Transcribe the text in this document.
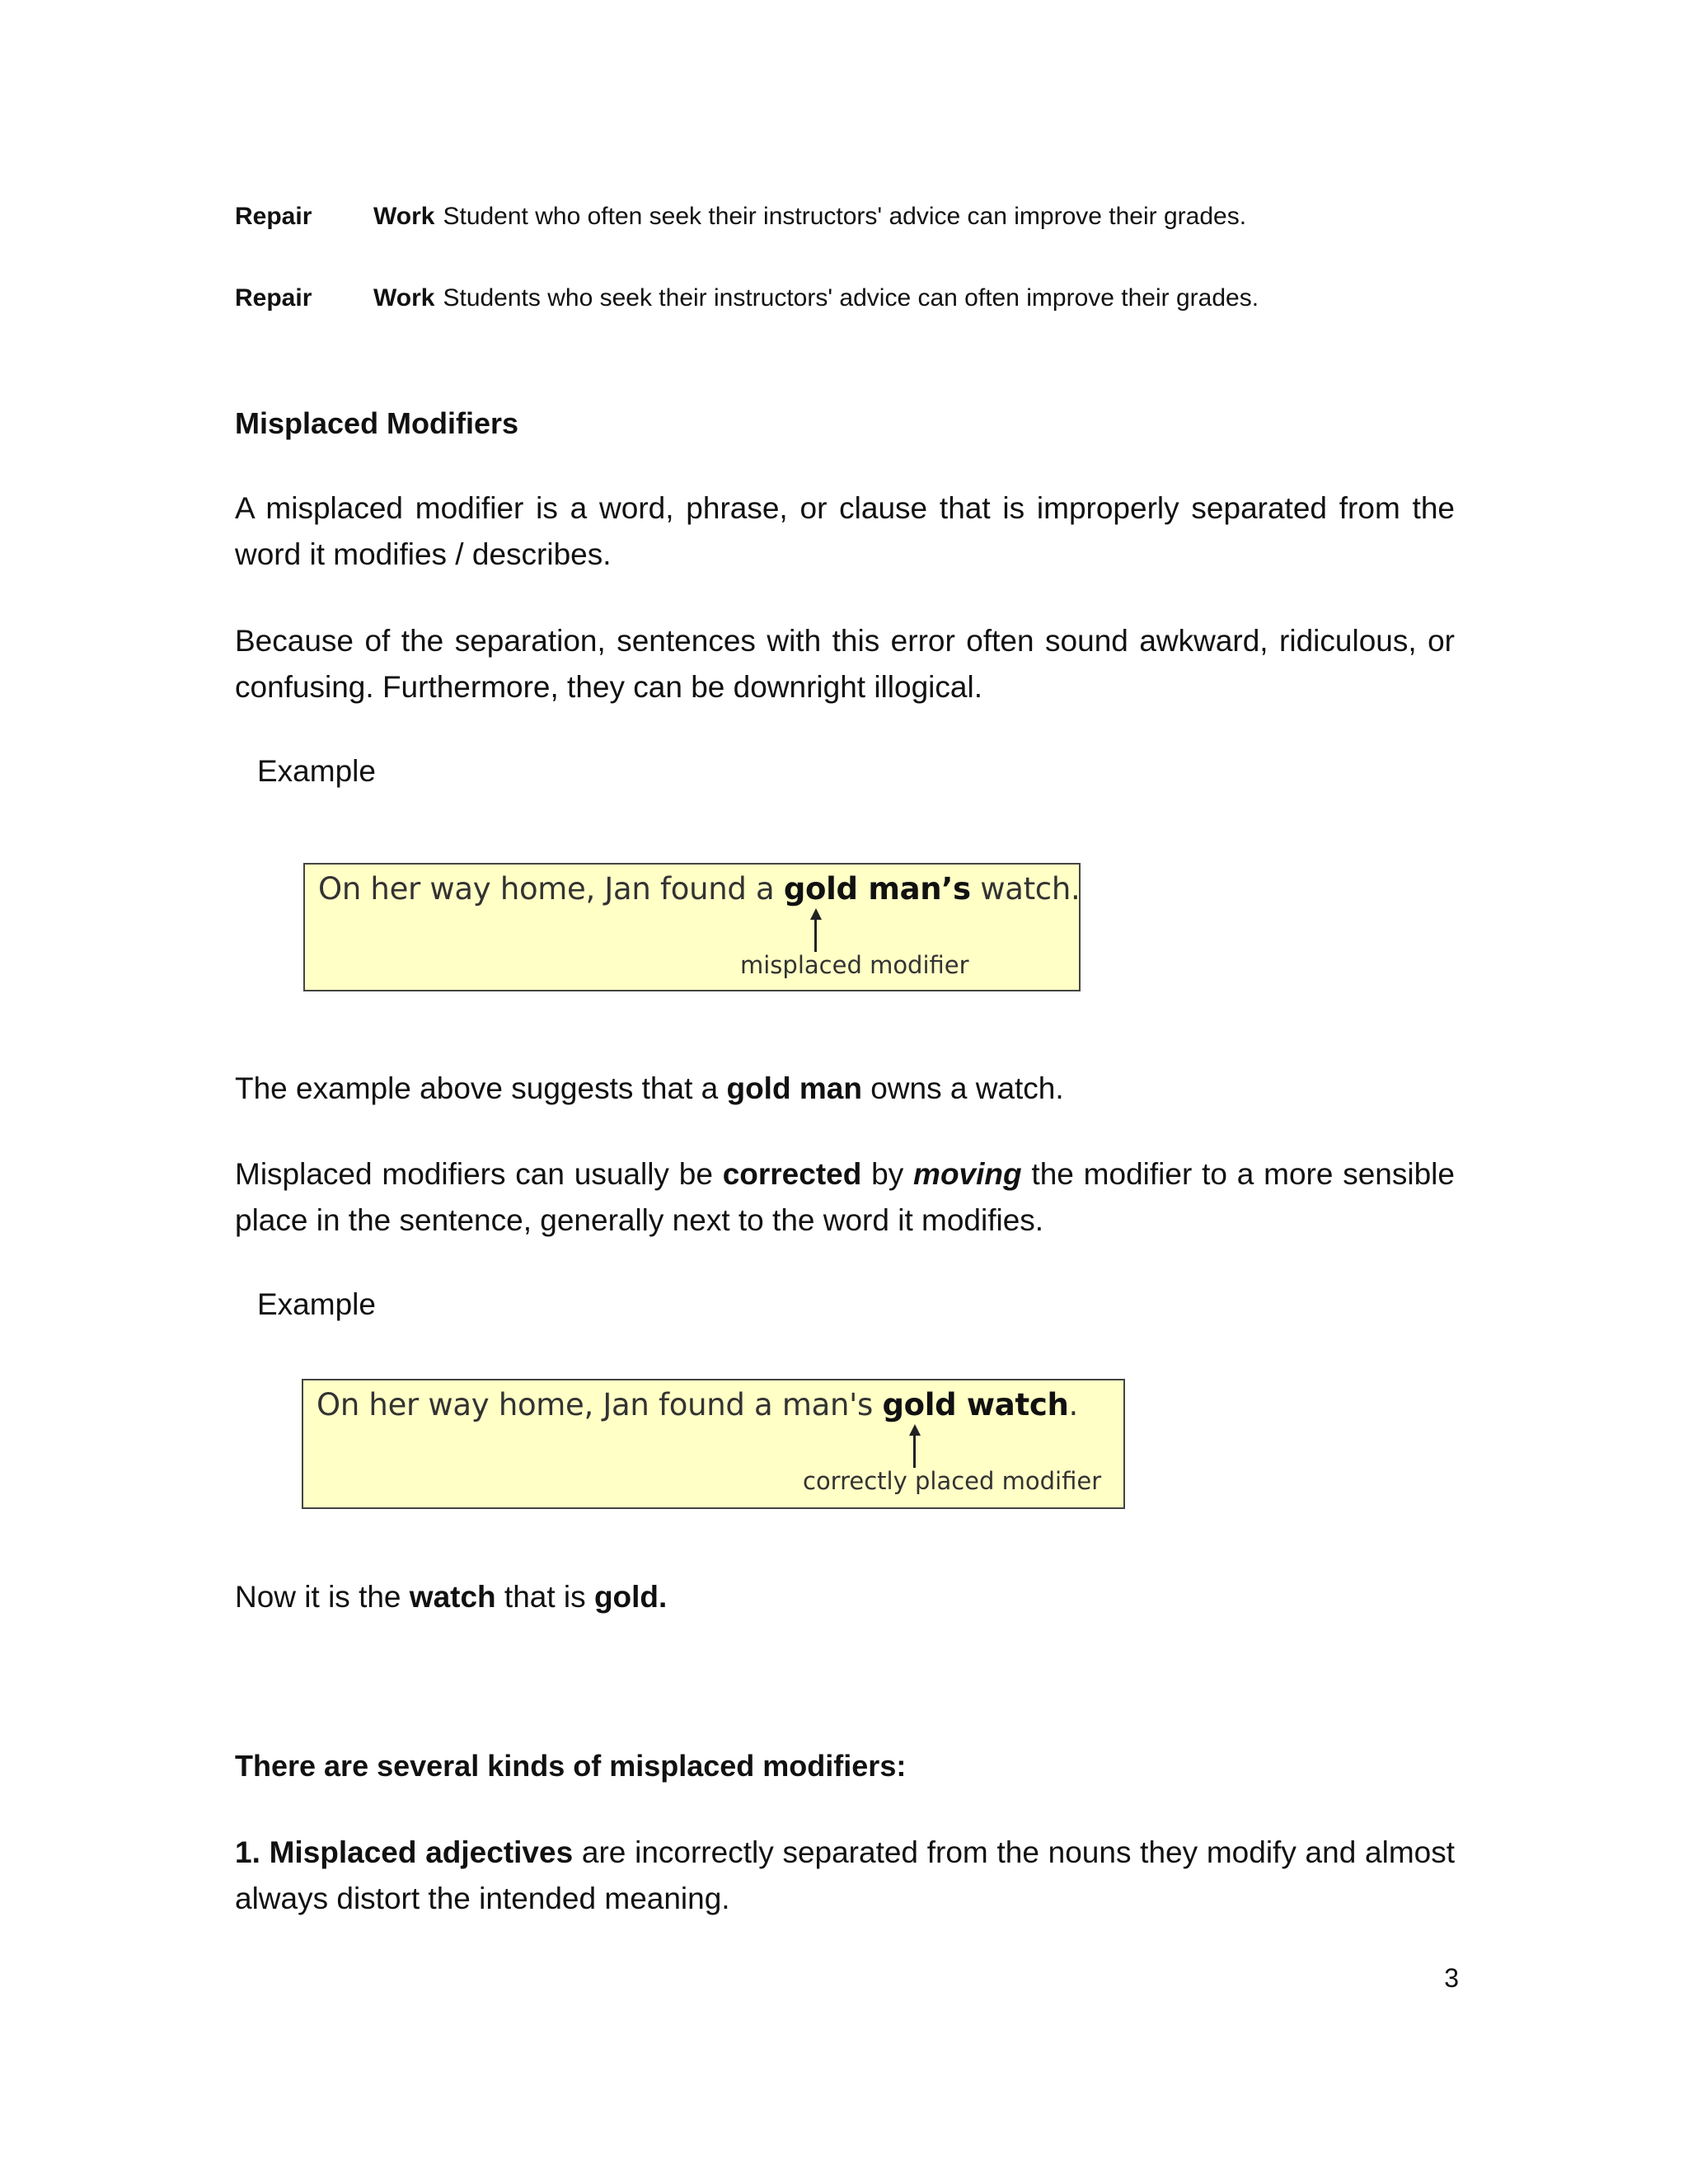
Repair Work Student who often seek their instructors' advice can improve their grades.
Repair Work Students who seek their instructors' advice can often improve their grades.
Misplaced Modifiers
A misplaced modifier is a word, phrase, or clause that is improperly separated from the word it modifies / describes.
Because of the separation, sentences with this error often sound awkward, ridiculous, or confusing. Furthermore, they can be downright illogical.
Example
On her way home, Jan found a gold man’s watch.
misplaced modifier
The example above suggests that a gold man owns a watch.
Misplaced modifiers can usually be corrected by moving the modifier to a more sensible place in the sentence, generally next to the word it modifies.
Example
On her way home, Jan found a man's gold watch.
correctly placed modifier
Now it is the watch that is gold.
There are several kinds of misplaced modifiers:
1. Misplaced adjectives are incorrectly separated from the nouns they modify and almost always distort the intended meaning.
3
